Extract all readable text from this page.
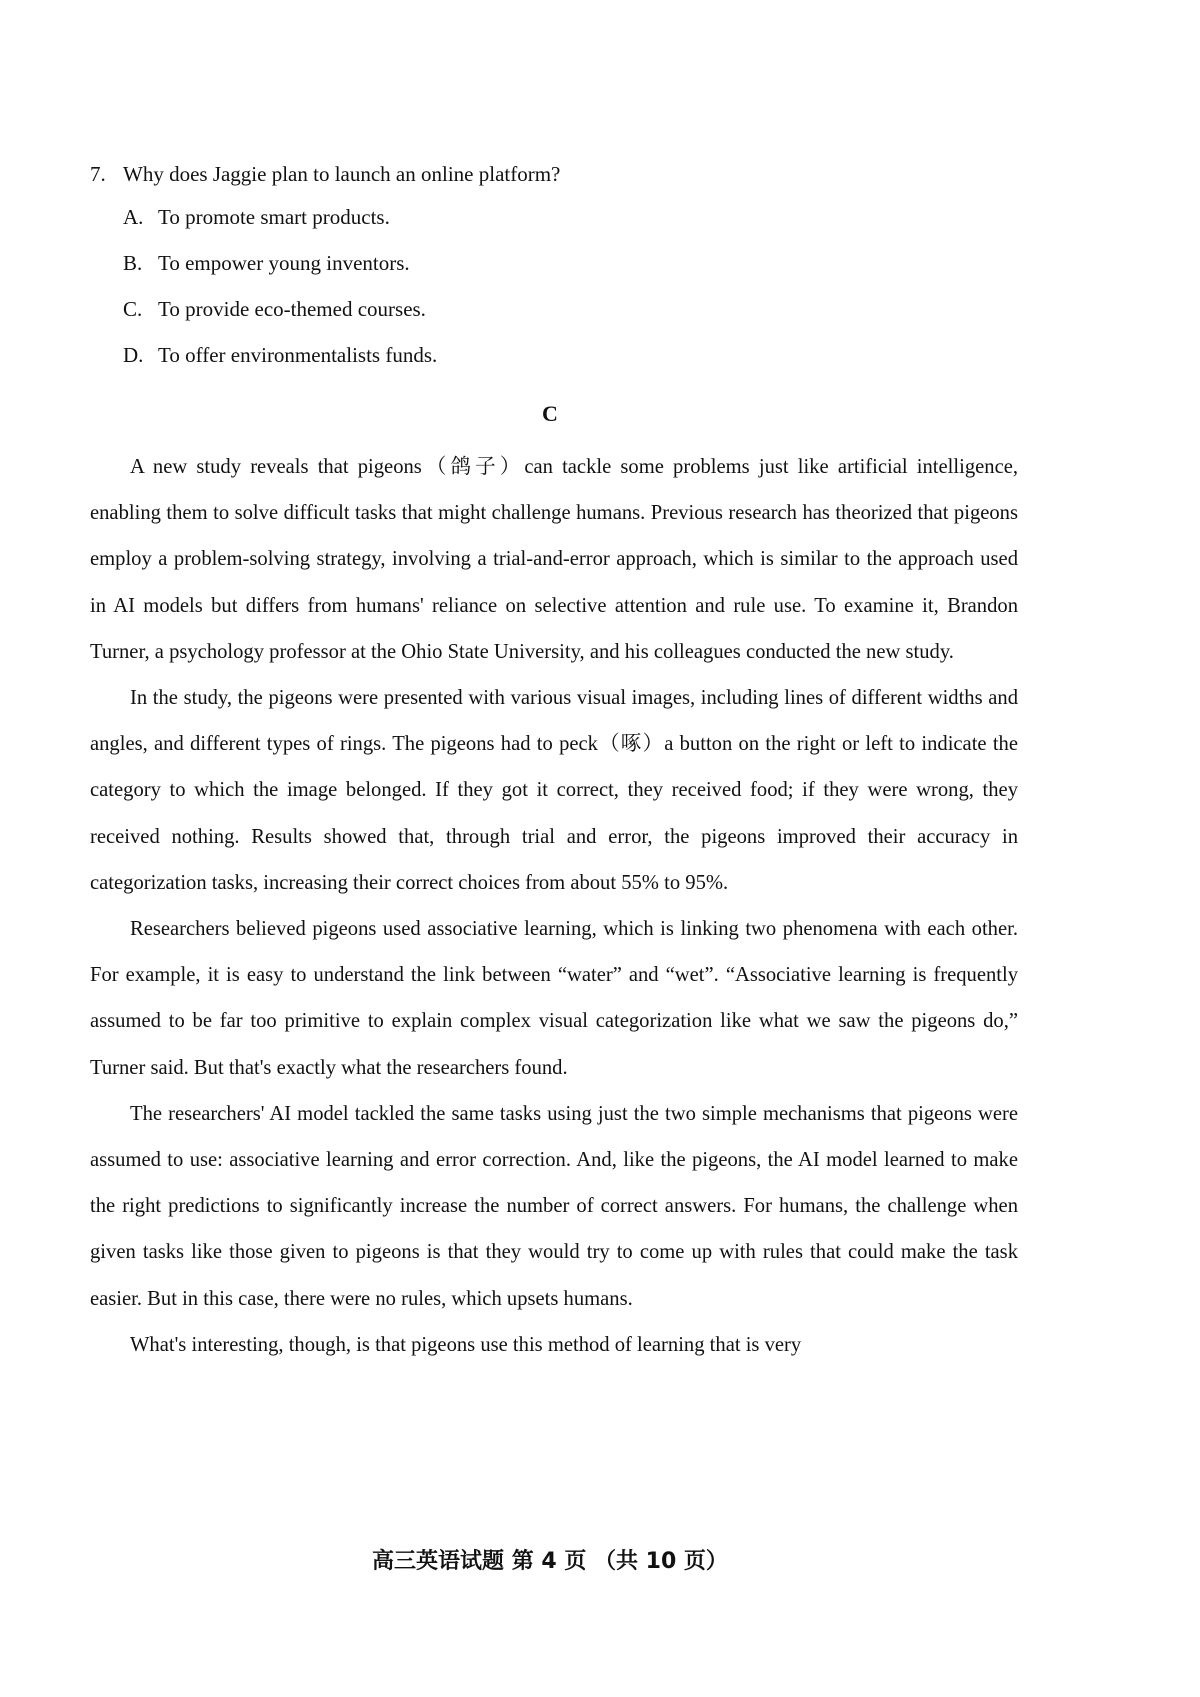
7. Why does Jaggie plan to launch an online platform?
A. To promote smart products.
B. To empower young inventors.
C. To provide eco-themed courses.
D. To offer environmentalists funds.
C

A new study reveals that pigeons（鸽子）can tackle some problems just like artificial intelligence, enabling them to solve difficult tasks that might challenge humans. Previous research has theorized that pigeons employ a problem-solving strategy, involving a trial-and-error approach, which is similar to the approach used in AI models but differs from humans' reliance on selective attention and rule use. To examine it, Brandon Turner, a psychology professor at the Ohio State University, and his colleagues conducted the new study.

In the study, the pigeons were presented with various visual images, including lines of different widths and angles, and different types of rings. The pigeons had to peck（啄）a button on the right or left to indicate the category to which the image belonged. If they got it correct, they received food; if they were wrong, they received nothing. Results showed that, through trial and error, the pigeons improved their accuracy in categorization tasks, increasing their correct choices from about 55% to 95%.

Researchers believed pigeons used associative learning, which is linking two phenomena with each other. For example, it is easy to understand the link between “water” and “wet”. “Associative learning is frequently assumed to be far too primitive to explain complex visual categorization like what we saw the pigeons do,” Turner said. But that's exactly what the researchers found.

The researchers' AI model tackled the same tasks using just the two simple mechanisms that pigeons were assumed to use: associative learning and error correction. And, like the pigeons, the AI model learned to make the right predictions to significantly increase the number of correct answers. For humans, the challenge when given tasks like those given to pigeons is that they would try to come up with rules that could make the task easier. But in this case, there were no rules, which upsets humans.

What's interesting, though, is that pigeons use this method of learning that is very

高三英语试题 第 4 页 （共 10 页）
